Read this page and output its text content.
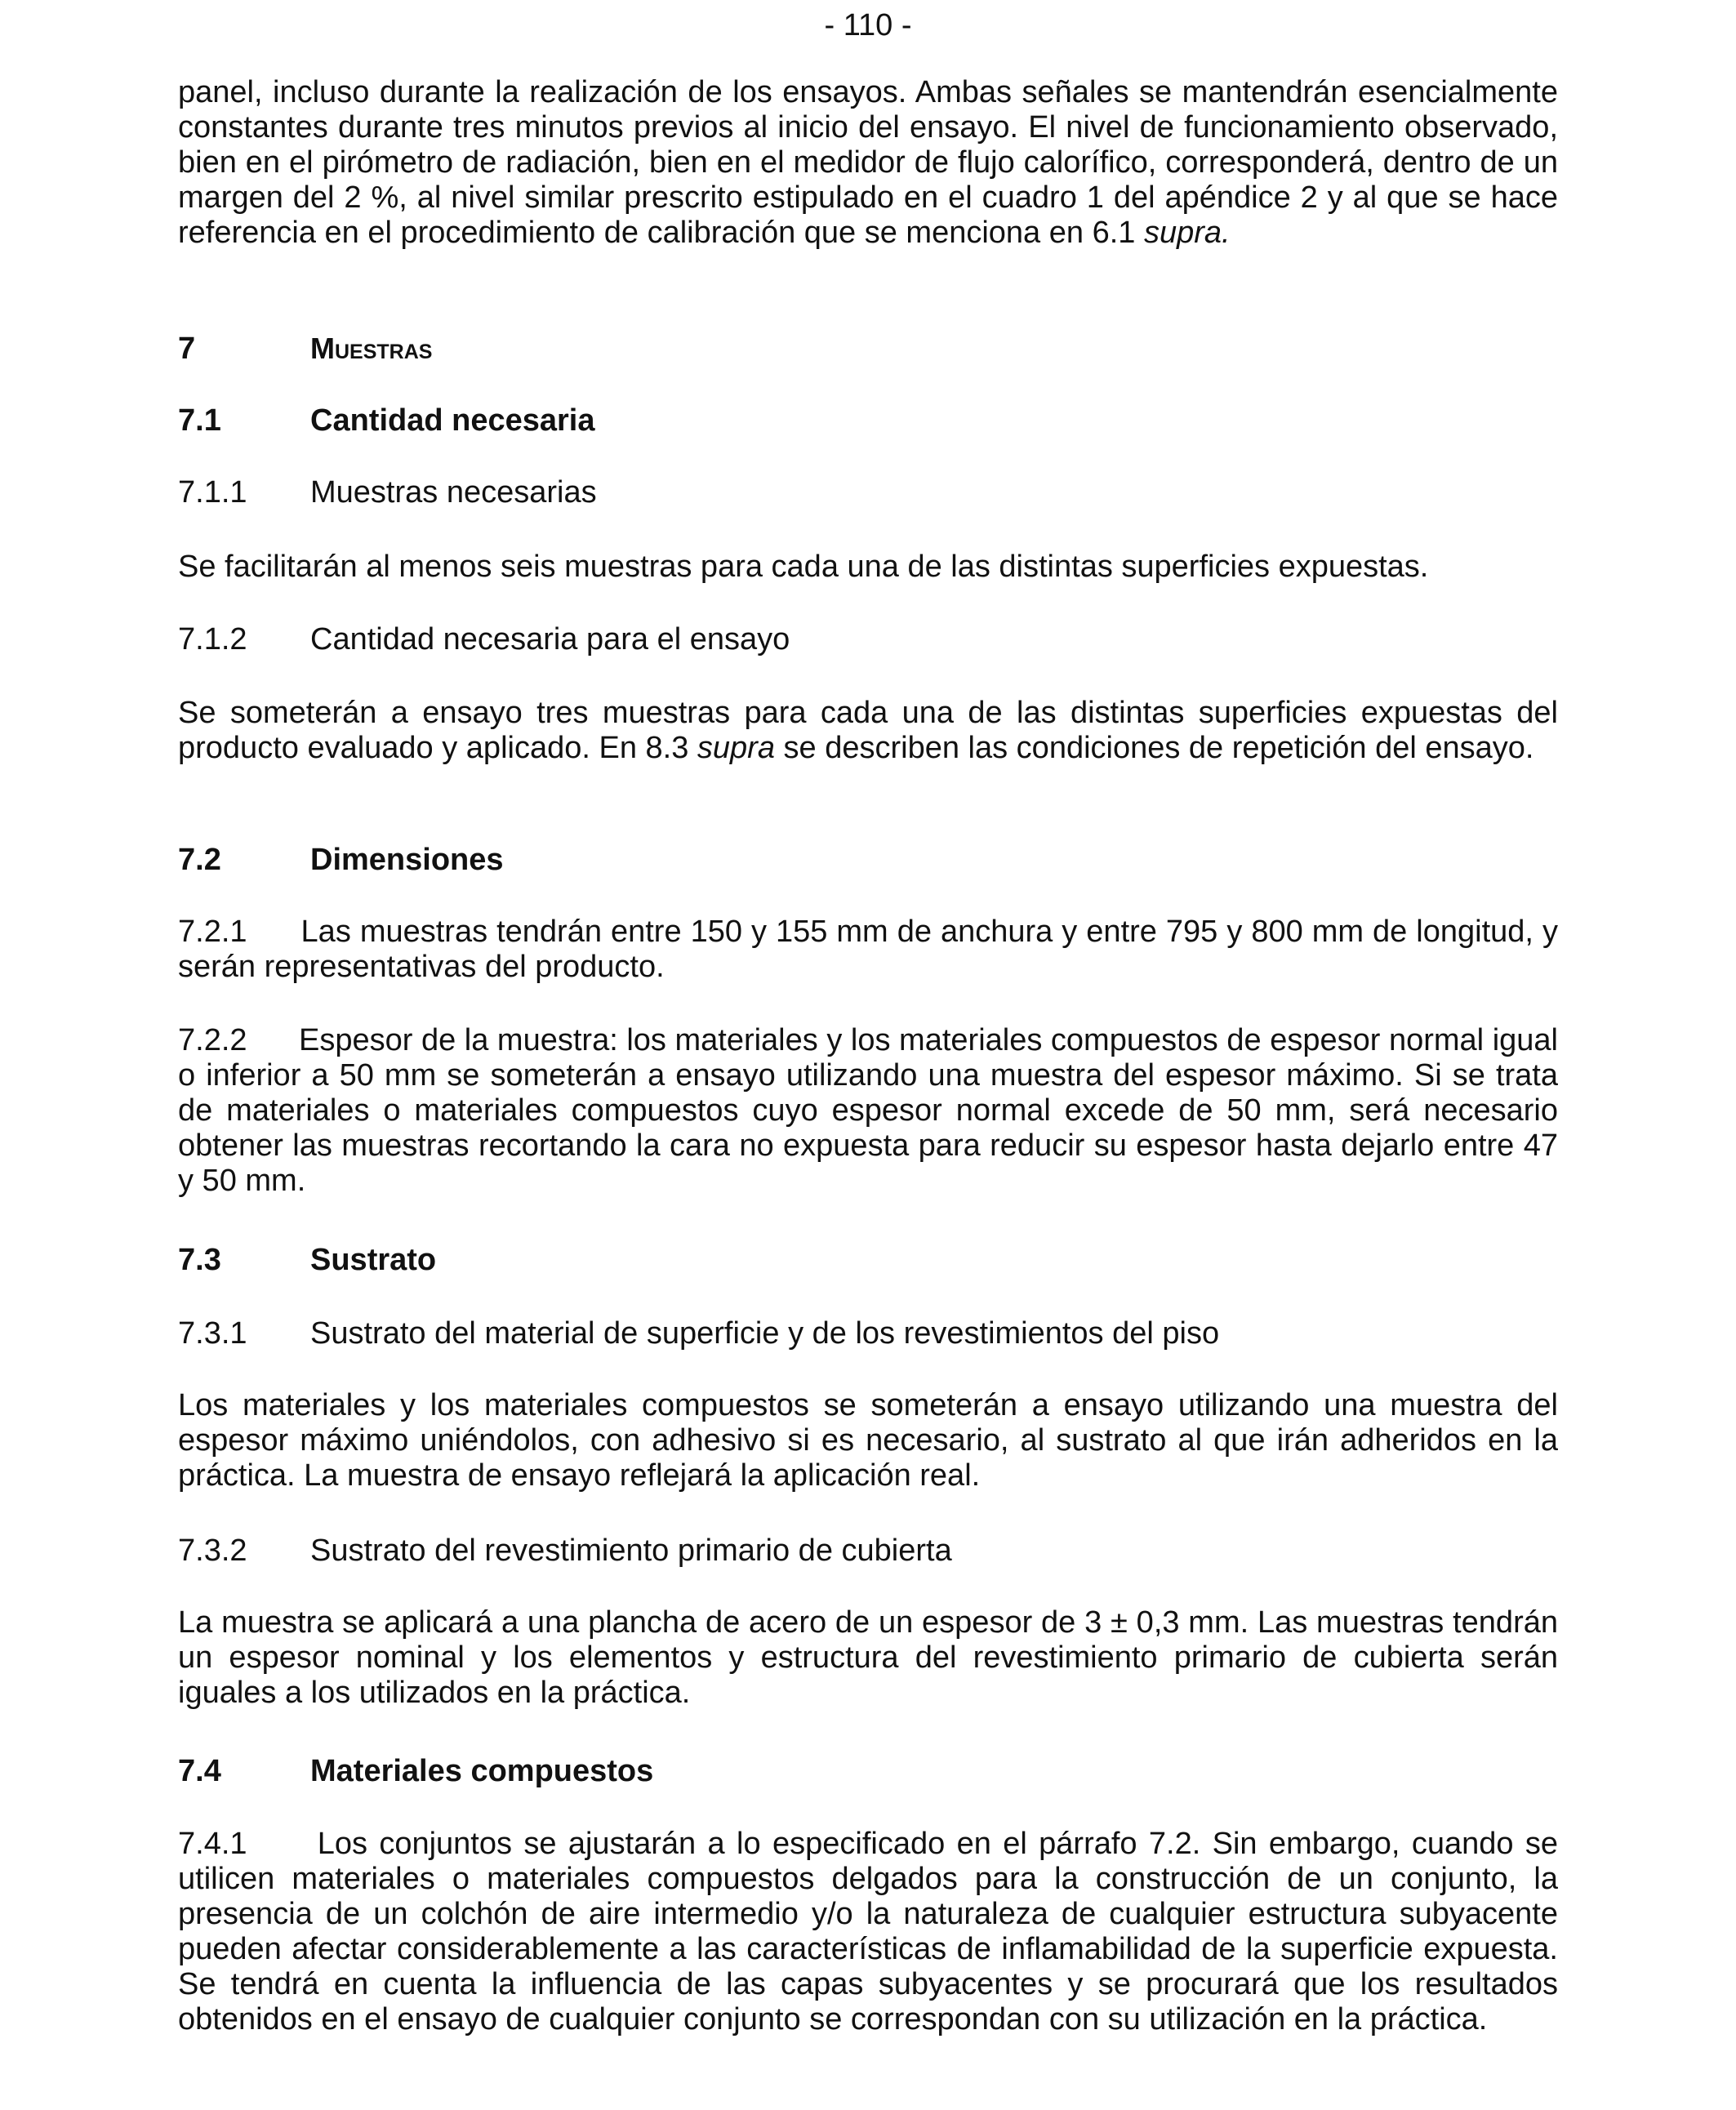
- 110 -

panel, incluso durante la realización de los ensayos. Ambas señales se mantendrán esencialmente constantes durante tres minutos previos al inicio del ensayo. El nivel de funcionamiento observado, bien en el pirómetro de radiación, bien en el medidor de flujo calorífico, corresponderá, dentro de un margen del 2 %, al nivel similar prescrito estipulado en el cuadro 1 del apéndice 2 y al que se hace referencia en el procedimiento de calibración que se menciona en 6.1 supra.

7	Muestras
7.1	Cantidad necesaria
7.1.1 Muestras necesarias

Se facilitarán al menos seis muestras para cada una de las distintas superficies expuestas.

7.1.2 Cantidad necesaria para el ensayo

Se someterán a ensayo tres muestras para cada una de las distintas superficies expuestas del producto evaluado y aplicado. En 8.3 supra se describen las condiciones de repetición del ensayo.

7.2	Dimensiones

7.2.1 Las muestras tendrán entre 150 y 155 mm de anchura y entre 795 y 800 mm de longitud, y serán representativas del producto.

7.2.2 Espesor de la muestra: los materiales y los materiales compuestos de espesor normal igual o inferior a 50 mm se someterán a ensayo utilizando una muestra del espesor máximo. Si se trata de materiales o materiales compuestos cuyo espesor normal excede de 50 mm, será necesario obtener las muestras recortando la cara no expuesta para reducir su espesor hasta dejarlo entre 47 y 50 mm.

7.3	Sustrato
7.3.1 Sustrato del material de superficie y de los revestimientos del piso

Los materiales y los materiales compuestos se someterán a ensayo utilizando una muestra del espesor máximo uniéndolos, con adhesivo si es necesario, al sustrato al que irán adheridos en la práctica. La muestra de ensayo reflejará la aplicación real.

7.3.2 Sustrato del revestimiento primario de cubierta

La muestra se aplicará a una plancha de acero de un espesor de 3 ± 0,3 mm. Las muestras tendrán un espesor nominal y los elementos y estructura del revestimiento primario de cubierta serán iguales a los utilizados en la práctica.

7.4	Materiales compuestos

7.4.1 Los conjuntos se ajustarán a lo especificado en el párrafo 7.2. Sin embargo, cuando se utilicen materiales o materiales compuestos delgados para la construcción de un conjunto, la presencia de un colchón de aire intermedio y/o la naturaleza de cualquier estructura subyacente pueden afectar considerablemente a las características de inflamabilidad de la superficie expuesta. Se tendrá en cuenta la influencia de las capas subyacentes y se procurará que los resultados obtenidos en el ensayo de cualquier conjunto se correspondan con su utilización en la práctica.
